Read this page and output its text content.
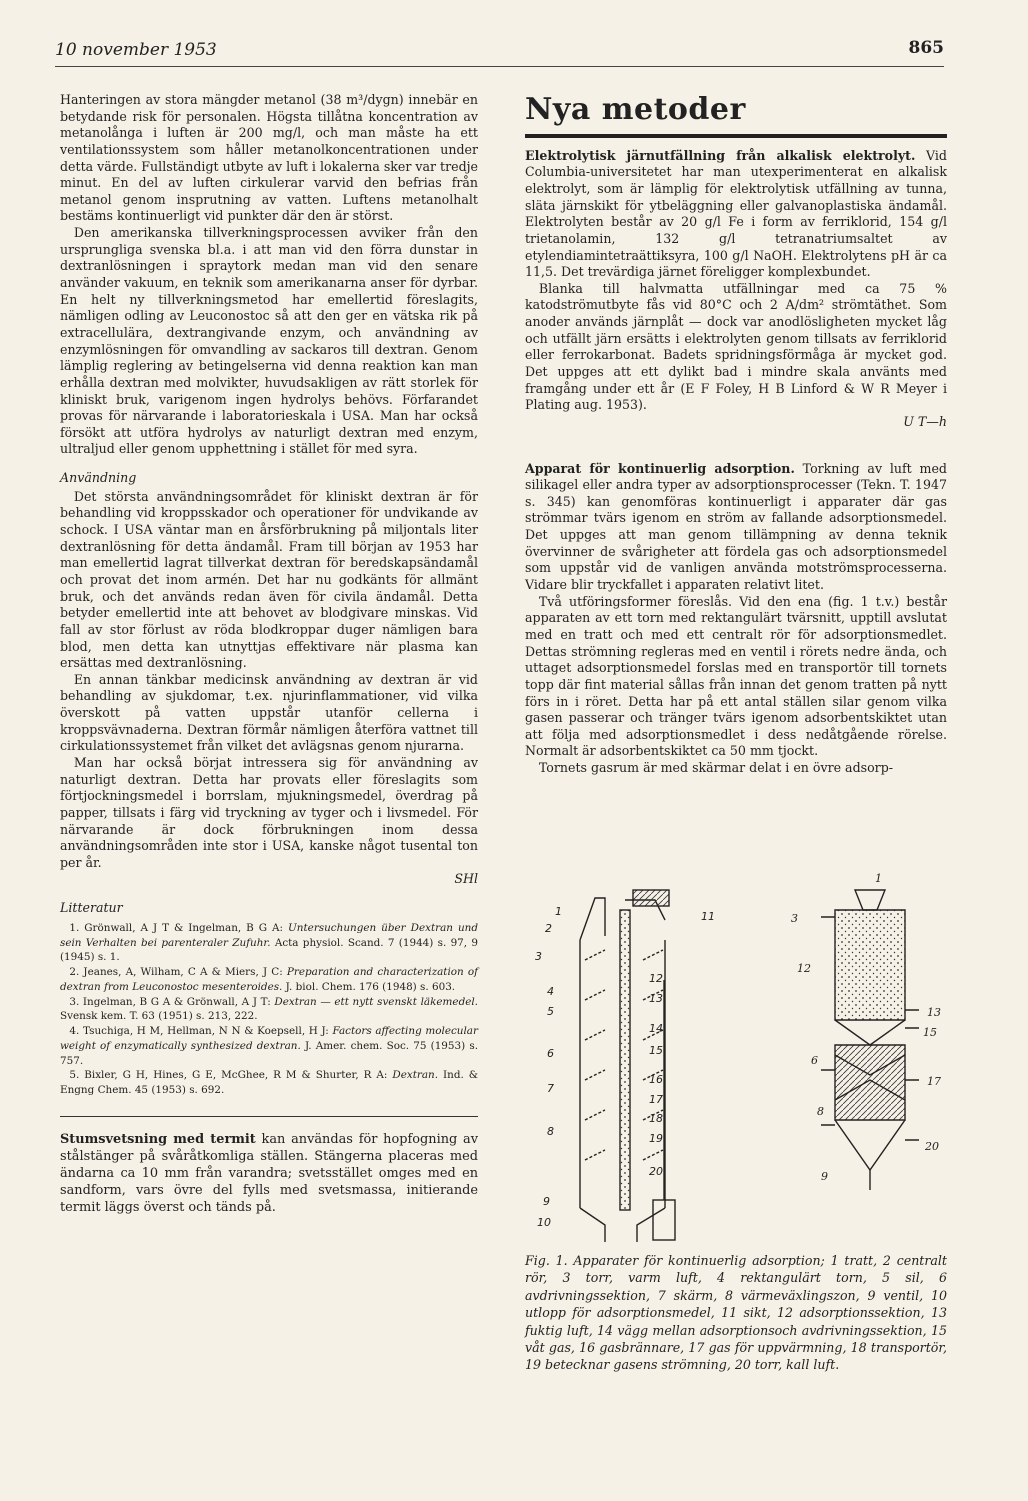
10 november 1953	865

Hanteringen av stora mängder metanol (38 m³/dygn) innebär en betydande risk för personalen. Högsta tillåtna koncentration av metanolånga i luften är 200 mg/l, och man måste ha ett ventilationssystem som håller metanolkoncentrationen under detta värde. Fullständigt utbyte av luft i lokalerna sker var tredje minut. En del av luften cirkulerar varvid den befrias från metanol genom insprutning av vatten. Luftens metanolhalt bestäms kontinuerligt vid punkter där den är störst.

Den amerikanska tillverkningsprocessen avviker från den ursprungliga svenska bl.a. i att man vid den förra dunstar in dextranlösningen i spraytork medan man vid den senare använder vakuum, en teknik som amerikanarna anser för dyrbar. En helt ny tillverkningsmetod har emellertid föreslagits, nämligen odling av Leuconostoc så att den ger en vätska rik på extracellulära, dextrangivande enzym, och användning av enzymlösningen för omvandling av sackaros till dextran. Genom lämplig reglering av betingelserna vid denna reaktion kan man erhålla dextran med molvikter, huvudsakligen av rätt storlek för kliniskt bruk, varigenom ingen hydrolys behövs. Förfarandet provas för närvarande i laboratorieskala i USA. Man har också försökt att utföra hydrolys av naturligt dextran med enzym, ultraljud eller genom upphettning i stället för med syra.

Användning

Det största användningsområdet för kliniskt dextran är för behandling vid kroppsskador och operationer för undvikande av schock. I USA väntar man en årsförbrukning på miljontals liter dextranlösning för detta ändamål. Fram till början av 1953 har man emellertid lagrat tillverkat dextran för beredskapsändamål och provat det inom armén. Det har nu godkänts för allmänt bruk, och det används redan även för civila ändamål. Detta betyder emellertid inte att behovet av blodgivare minskas. Vid fall av stor förlust av röda blodkroppar duger nämligen bara blod, men detta kan utnyttjas effektivare när plasma kan ersättas med dextranlösning.

En annan tänkbar medicinsk användning av dextran är vid behandling av sjukdomar, t.ex. njurinflammationer, vid vilka överskott på vatten uppstår utanför cellerna i kroppsvävnaderna. Dextran förmår nämligen återföra vattnet till cirkulationssystemet från vilket det avlägsnas genom njurarna.

Man har också börjat intressera sig för användning av naturligt dextran. Detta har provats eller föreslagits som förtjockningsmedel i borrslam, mjukningsmedel, överdrag på papper, tillsats i färg vid tryckning av tyger och i livsmedel. För närvarande är dock förbrukningen inom dessa användningsområden inte stor i USA, kanske något tusental ton per år.

SHl
Litteratur

1. Grönwall, A J T & Ingelman, B G A: Untersuchungen über Dextran und sein Verhalten bei parenteraler Zufuhr. Acta physiol. Scand. 7 (1944) s. 97, 9 (1945) s. 1.

2. Jeanes, A, Wilham, C A & Miers, J C: Preparation and characterization of dextran from Leuconostoc mesenteroides. J. biol. Chem. 176 (1948) s. 603.

3. Ingelman, B G A & Grönwall, A J T: Dextran — ett nytt svenskt läkemedel. Svensk kem. T. 63 (1951) s. 213, 222.

4. Tsuchiga, H M, Hellman, N N & Koepsell, H J: Factors affecting molecular weight of enzymatically synthesized dextran. J. Amer. chem. Soc. 75 (1953) s. 757.

5. Bixler, G H, Hines, G E, McGhee, R M & Shurter, R A: Dextran. Ind. & Engng Chem. 45 (1953) s. 692.

Stumsvetsning med termit kan användas för hopfogning av stålstänger på svåråtkomliga ställen. Stängerna placeras med ändarna ca 10 mm från varandra; svetsstället omges med en sandform, vars övre del fylls med svetsmassa, initierande termit läggs överst och tänds på.

Nya metoder

Elektrolytisk järnutfällning från alkalisk elektrolyt. Vid Columbia-universitetet har man utexperimenterat en alkalisk elektrolyt, som är lämplig för elektrolytisk utfällning av tunna, släta järnskikt för ytbeläggning eller galvanoplastiska ändamål. Elektrolyten består av 20 g/l Fe i form av ferriklorid, 154 g/l trietanolamin, 132 g/l tetranatriumsaltet av etylendiamintetraättiksyra, 100 g/l NaOH. Elektrolytens pH är ca 11,5. Det trevärdiga järnet föreligger komplexbundet.

Blanka till halvmatta utfällningar med ca 75 % katodströmutbyte fås vid 80°C och 2 A/dm² strömtäthet. Som anoder används järnplåt — dock var anodlösligheten mycket låg och utfällt järn ersätts i elektrolyten genom tillsats av ferriklorid eller ferrokarbonat. Badets spridningsförmåga är mycket god. Det uppges att ett dylikt bad i mindre skala använts med framgång under ett år (E F Foley, H B Linford & W R Meyer i Plating aug. 1953).

U T—h

Apparat för kontinuerlig adsorption. Torkning av luft med silikagel eller andra typer av adsorptionsprocesser (Tekn. T. 1947 s. 345) kan genomföras kontinuerligt i apparater där gas strömmar tvärs igenom en ström av fallande adsorptionsmedel. Det uppges att man genom tillämpning av denna teknik övervinner de svårigheter att fördela gas och adsorptionsmedel som uppstår vid de vanligen använda motströmsprocesserna. Vidare blir tryckfallet i apparaten relativt litet.

Två utföringsformer föreslås. Vid den ena (fig. 1 t.v.) består apparaten av ett torn med rektangulärt tvärsnitt, upptill avslutat med en tratt och med ett centralt rör för adsorptionsmedlet. Dettas strömning regleras med en ventil i rörets nedre ända, och uttaget adsorptionsmedel forslas med en transportör till tornets topp där fint material sållas från innan det genom tratten på nytt förs in i röret. Detta har på ett antal ställen silar genom vilka gasen passerar och tränger tvärs igenom adsorbentskiktet utan att följa med adsorptionsmedlet i dess nedåtgående rörelse. Normalt är adsorbentskiktet ca 50 mm tjockt.

Tornets gasrum är med skärmar delat i en övre adsorp-

1
2
3
4
5
6
7
8
9
10
11
12
13
14
15
16
17
18
19
20
1
3
12
13
15
6
17
8
20
9
Fig. 1. Apparater för kontinuerlig adsorption; 1 tratt, 2 centralt rör, 3 torr, varm luft, 4 rektangulärt torn, 5 sil, 6 avdrivningssektion, 7 skärm, 8 värmeväxlingszon, 9 ventil, 10 utlopp för adsorptionsmedel, 11 sikt, 12 adsorptionssektion, 13 fuktig luft, 14 vägg mellan adsorptionsoch avdrivningssektion, 15 våt gas, 16 gasbrännare, 17 gas för uppvärmning, 18 transportör, 19 betecknar gasens strömning, 20 torr, kall luft.
